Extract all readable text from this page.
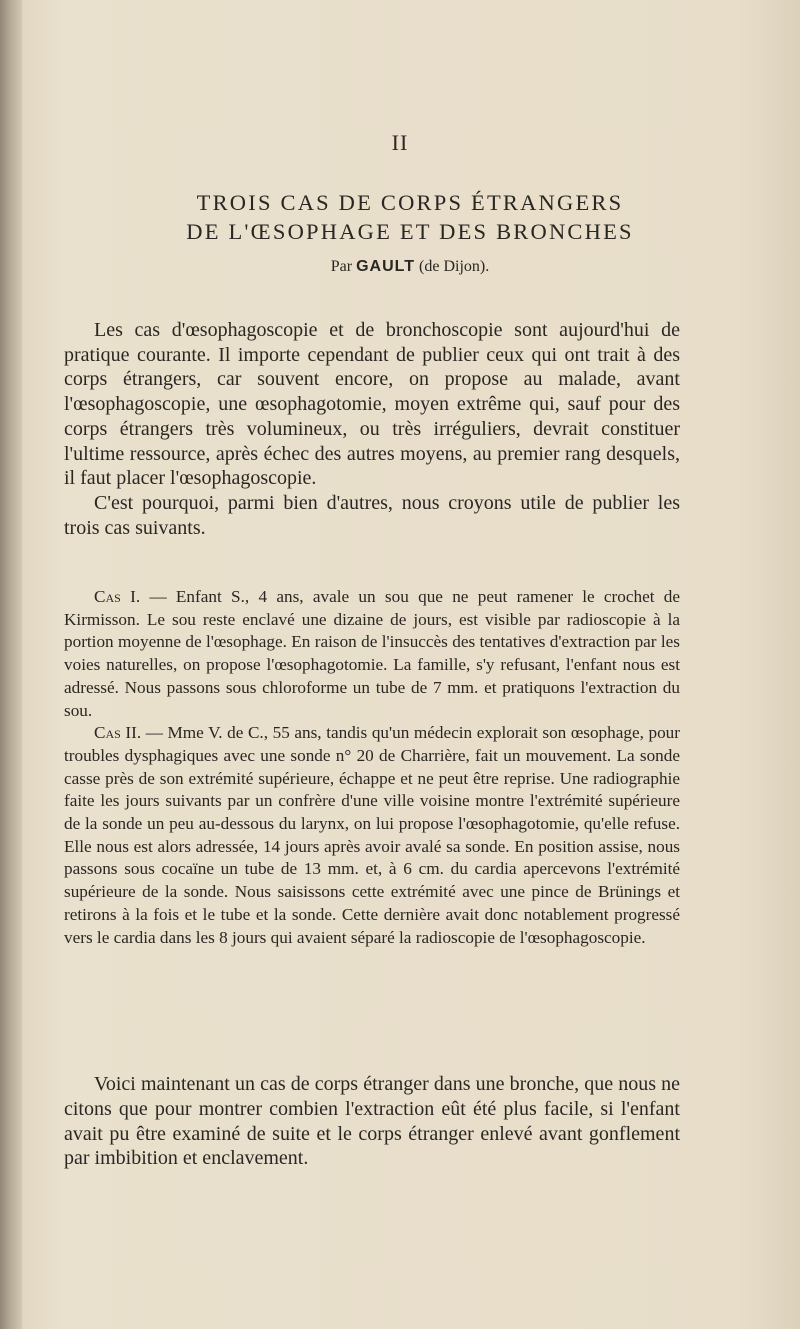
II
TROIS CAS DE CORPS ÉTRANGERS
DE L'ŒSOPHAGE ET DES BRONCHES
Par GAULT (de Dijon).

Les cas d'œsophagoscopie et de bronchoscopie sont aujourd'hui de pratique courante. Il importe cependant de publier ceux qui ont trait à des corps étrangers, car souvent encore, on propose au malade, avant l'œsophagoscopie, une œsophagotomie, moyen extrême qui, sauf pour des corps étrangers très volumineux, ou très irréguliers, devrait constituer l'ultime ressource, après échec des autres moyens, au premier rang desquels, il faut placer l'œsophagoscopie.

C'est pourquoi, parmi bien d'autres, nous croyons utile de publier les trois cas suivants.

Cas I. — Enfant S., 4 ans, avale un sou que ne peut ramener le crochet de Kirmisson. Le sou reste enclavé une dizaine de jours, est visible par radioscopie à la portion moyenne de l'œsophage. En raison de l'insuccès des tentatives d'extraction par les voies naturelles, on propose l'œsophagotomie. La famille, s'y refusant, l'enfant nous est adressé. Nous passons sous chloroforme un tube de 7 mm. et pratiquons l'extraction du sou.

Cas II. — Mme V. de C., 55 ans, tandis qu'un médecin explorait son œsophage, pour troubles dysphagiques avec une sonde n° 20 de Charrière, fait un mouvement. La sonde casse près de son extrémité supérieure, échappe et ne peut être reprise. Une radiographie faite les jours suivants par un confrère d'une ville voisine montre l'extrémité supérieure de la sonde un peu au-dessous du larynx, on lui propose l'œsophagotomie, qu'elle refuse. Elle nous est alors adressée, 14 jours après avoir avalé sa sonde. En position assise, nous passons sous cocaïne un tube de 13 mm. et, à 6 cm. du cardia apercevons l'extrémité supérieure de la sonde. Nous saisissons cette extrémité avec une pince de Brünings et retirons à la fois et le tube et la sonde. Cette dernière avait donc notablement progressé vers le cardia dans les 8 jours qui avaient séparé la radioscopie de l'œsophagoscopie.

Voici maintenant un cas de corps étranger dans une bronche, que nous ne citons que pour montrer combien l'extraction eût été plus facile, si l'enfant avait pu être examiné de suite et le corps étranger enlevé avant gonflement par imbibition et enclavement.
